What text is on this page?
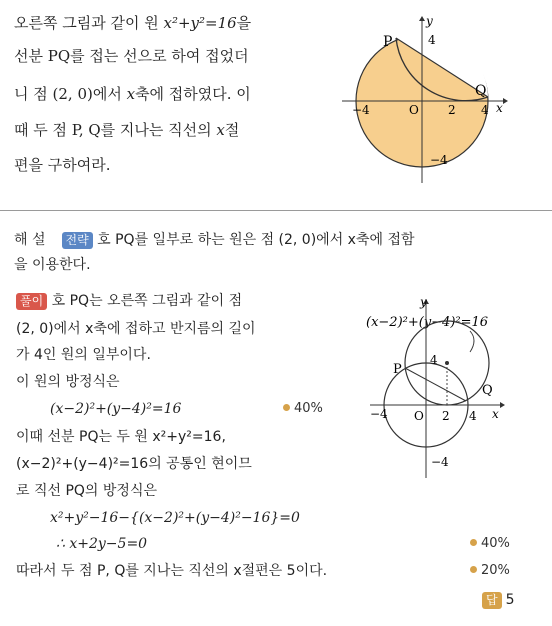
오른쪽 그림과 같이 원 x²+y²=16을
선분 PQ를 접는 선으로 하여 접었더
니 점 (2, 0)에서 x축에 접하였다. 이
때 두 점 P, Q를 지나는 직선의 x절
편을 구하여라.
y
x
P
Q
O
4
−4	2 4
−4
해 설 전략 호 PQ를 일부로 하는 원은 점 (2, 0)에서 x축에 접함
을 이용한다.
풀이 호 PQ는 오른쪽 그림과 같이 점
(2, 0)에서 x축에 접하고 반지름의 길이
가 4인 원의 일부이다.
이 원의 방정식은
(x−2)²+(y−4)²=16	40%
이때 선분 PQ는 두 원 x²+y²=16,
(x−2)²+(y−4)²=16의 공통인 현이므
로 직선 PQ의 방정식은
x²+y²−16−{(x−2)²+(y−4)²−16}=0
∴ x+2y−5=0	40%
따라서 두 점 P, Q를 지나는 직선의 x절편은 5이다.	20%
답 5
(x−2)²+(y−4)²=16
y
x
P
Q
O
4
−4	2 4
−4
